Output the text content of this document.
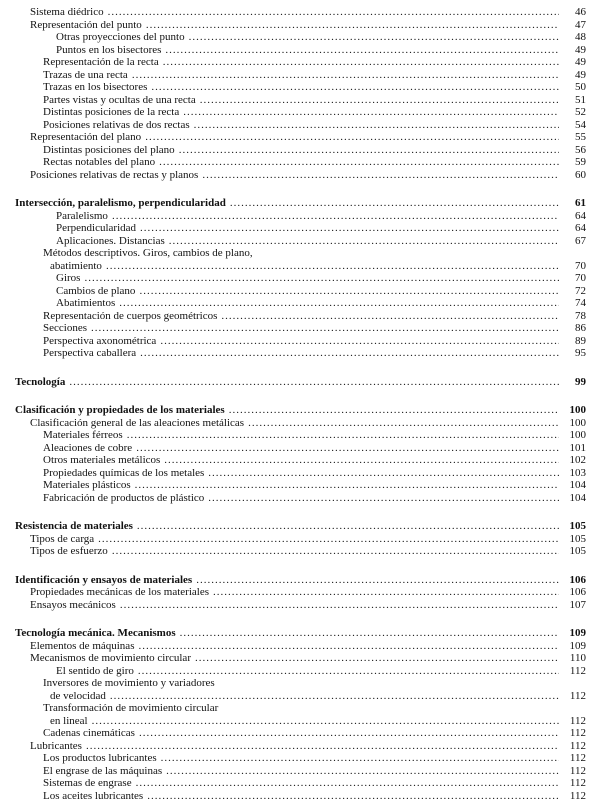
Sistema diédrico .....	46
Representación del punto .....	47
Otras proyecciones del punto .....	48
Puntos en los bisectores .....	49
Representación de la recta .....	49
Trazas de una recta .....	49
Trazas en los bisectores .....	50
Partes vistas y ocultas de una recta .....	51
Distintas posiciones de la recta .....	52
Posiciones relativas de dos rectas .....	54
Representación del plano .....	55
Distintas posiciones del plano .....	56
Rectas notables del plano .....	59
Posiciones relativas de rectas y planos .....	60
Intersección, paralelismo, perpendicularidad .....	61
Paralelismo .....	64
Perpendicularidad .....	64
Aplicaciones. Distancias .....	67
Métodos descriptivos. Giros, cambios de plano,
abatimiento .....	70
Giros .....	70
Cambios de plano .....	72
Abatimientos .....	74
Representación de cuerpos geométricos .....	78
Secciones .....	86
Perspectiva axonométrica .....	89
Perspectiva caballera .....	95
Tecnología .....	99
Clasificación y propiedades de los materiales .....	100
Clasificación general de las aleaciones metálicas .....	100
Materiales férreos .....	100
Aleaciones de cobre .....	101
Otros materiales metálicos .....	102
Propiedades químicas de los metales .....	103
Materiales plásticos .....	104
Fabricación de productos de plástico .....	104
Resistencia de materiales .....	105
Tipos de carga .....	105
Tipos de esfuerzo .....	105
Identificación y ensayos de materiales .....	106
Propiedades mecánicas de los materiales .....	106
Ensayos mecánicos .....	107
Tecnología mecánica. Mecanismos .....	109
Elementos de máquinas .....	109
Mecanismos de movimiento circular .....	110
El sentido de giro .....	112
Inversores de movimiento y variadores
de velocidad .....	112
Transformación de movimiento circular
en lineal .....	112
Cadenas cinemáticas .....	112
Lubricantes .....	112
Los productos lubricantes .....	112
El engrase de las máquinas .....	112
Sistemas de engrase .....	112
Los aceites lubricantes .....	112
